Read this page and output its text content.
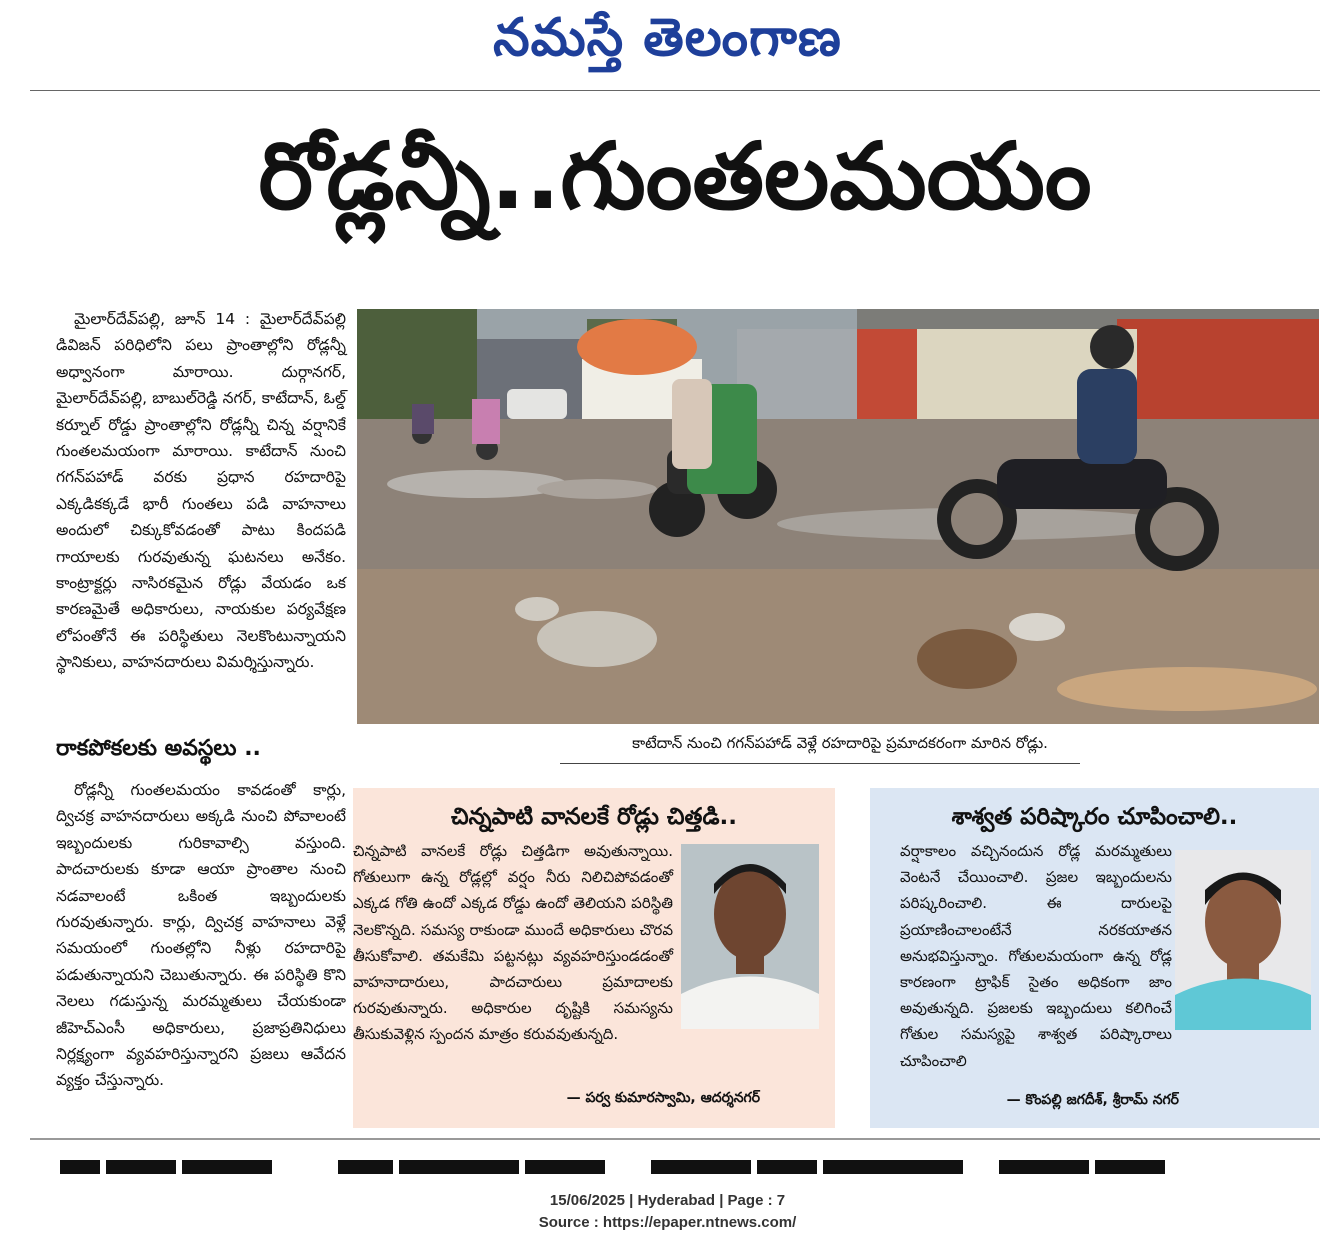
నమస్తే తెలంగాణ
రోడ్లన్నీ..గుంతలమయం

మైలార్‌దేవ్‌పల్లి, జూన్ 14 : మైలార్‌దేవ్‌పల్లి డివిజన్ పరిధిలోని పలు ప్రాంతాల్లోని రోడ్లన్నీ అధ్వానంగా మారాయి. దుర్గానగర్, మైలార్‌దేవ్‌పల్లి, బాబుల్‌రెడ్డి నగర్, కాటేదాన్, ఓల్డ్ కర్నూల్ రోడ్డు ప్రాంతాల్లోని రోడ్లన్నీ చిన్న వర్షానికే గుంతలమయంగా మారాయి. కాటేదాన్ నుంచి గగన్‌పహాడ్ వరకు ప్రధాన రహదారిపై ఎక్కడికక్కడే భారీ గుంతలు పడి వాహనాలు అందులో చిక్కుకోవడంతో పాటు కిందపడి గాయాలకు గురవుతున్న ఘటనలు అనేకం. కాంట్రాక్టర్లు నాసిరకమైన రోడ్లు వేయడం ఒక కారణమైతే అధికారులు, నాయకుల పర్యవేక్షణ లోపంతోనే ఈ పరిస్థితులు నెలకొంటున్నాయని స్థానికులు, వాహనదారులు విమర్శిస్తున్నారు.

రాకపోకలకు అవస్థలు ..

రోడ్లన్నీ గుంతలమయం కావడంతో కార్లు, ద్విచక్ర వాహనదారులు అక్కడి నుంచి పోవాలంటే ఇబ్బందులకు గురికావాల్సి వస్తుంది. పాదచారులకు కూడా ఆయా ప్రాంతాల నుంచి నడవాలంటే ఒకింత ఇబ్బందులకు గురవుతున్నారు. కార్లు, ద్విచక్ర వాహనాలు వెళ్లే సమయంలో గుంతల్లోని నీళ్లు రహదారిపై పడుతున్నాయని చెబుతున్నారు. ఈ పరిస్థితి కొని నెలలు గడుస్తున్న మరమ్మతులు చేయకుండా జీహెచ్‌ఎంసీ అధికారులు, ప్రజాప్రతినిధులు నిర్లక్ష్యంగా వ్యవహరిస్తున్నారని ప్రజలు ఆవేదన వ్యక్తం చేస్తున్నారు.

కాటేదాన్ నుంచి గగన్‌పహాడ్ వెళ్లే రహదారిపై ప్రమాదకరంగా మారిన రోడ్లు.
చిన్నపాటి వానలకే రోడ్లు చిత్తడి..
చిన్నపాటి వానలకే రోడ్లు చిత్తడిగా అవుతున్నాయి. గోతులుగా ఉన్న రోడ్లల్లో వర్షం నీరు నిలిచిపోవడంతో ఎక్కడ గోతి ఉందో ఎక్కడ రోడ్డు ఉందో తెలియని పరిస్థితి నెలకొన్నది. సమస్య రాకుండా ముందే అధికారులు చొరవ తీసుకోవాలి. తమకేమి పట్టనట్లు వ్యవహరిస్తుండడంతో వాహనాదారులు, పాదచారులు ప్రమాదాలకు గురవుతున్నారు. అధికారుల దృష్టికి సమస్యను తీసుకువెళ్లిన స్పందన మాత్రం కరువవుతున్నది.
— పర్వ కుమారస్వామి, ఆదర్శనగర్
శాశ్వత పరిష్కారం చూపించాలి..
వర్షాకాలం వచ్చినందున రోడ్ల మరమ్మతులు వెంటనే చేయించాలి. ప్రజల ఇబ్బందులను పరిష్కరించాలి. ఈ దారులపై ప్రయాణించాలంటేనే నరకయాతన అనుభవిస్తున్నాం. గోతులమయంగా ఉన్న రోడ్ల కారణంగా ట్రాఫిక్ సైతం అధికంగా జాం అవుతున్నది. ప్రజలకు ఇబ్బందులు కలిగించే గోతుల సమస్యపై శాశ్వత పరిష్కారాలు చూపించాలి
— కొంపల్లి జగదీశ్, శ్రీరామ్ నగర్
15/06/2025 | Hyderabad | Page : 7
Source : https://epaper.ntnews.com/
